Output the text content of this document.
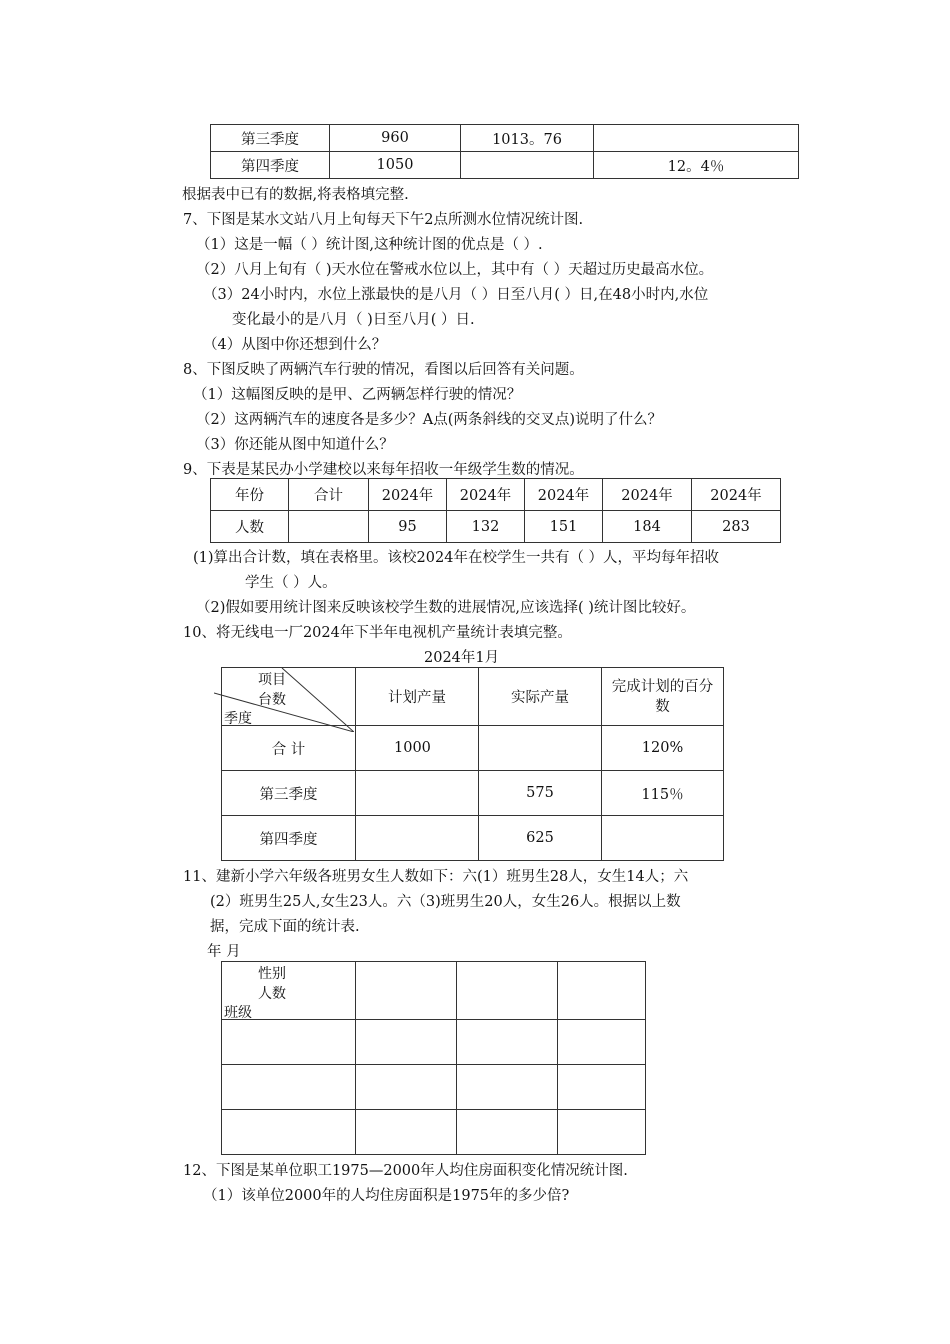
第三季度	960	1013。76	
第四季度	1050		12。4％
根据表中已有的数据,将表格填完整.
7、下图是某水文站八月上旬每天下午2点所测水位情况统计图.
（1）这是一幅（ ）统计图,这种统计图的优点是（ ）.
（2）八月上旬有（ )天水位在警戒水位以上，其中有（ ）天超过历史最高水位。
（3）24小时内，水位上涨最快的是八月（ ）日至八月( ）日,在48小时内,水位
变化最小的是八月（ )日至八月( ）日.
（4）从图中你还想到什么？
8、下图反映了两辆汽车行驶的情况，看图以后回答有关问题。
（1）这幅图反映的是甲、乙两辆怎样行驶的情况？
（2）这两辆汽车的速度各是多少？A点(两条斜线的交叉点)说明了什么？
（3）你还能从图中知道什么？
9、下表是某民办小学建校以来每年招收一年级学生数的情况。
年份	合计	2024年	2024年	2024年	2024年	2024年
人数		95	132	151	184	283
(1)算出合计数，填在表格里。该校2024年在校学生一共有（ ）人，平均每年招收
学生（ ）人。
（2)假如要用统计图来反映该校学生数的进展情况,应该选择( )统计图比较好。
10、将无线电一厂2024年下半年电视机产量统计表填完整。
2024年1月
项目
台数
季度	计划产量	实际产量	完成计划的百分数
合 计	1000		120%
第三季度		575	115％
第四季度		625	
11、建新小学六年级各班男女生人数如下：六(1）班男生28人，女生14人；六
(2）班男生25人,女生23人。六（3)班男生20人，女生26人。根据以上数
据，完成下面的统计表.
年 月
性别
人数
班级			

12、下图是某单位职工1975—2000年人均住房面积变化情况统计图.
（1）该单位2000年的人均住房面积是1975年的多少倍?
